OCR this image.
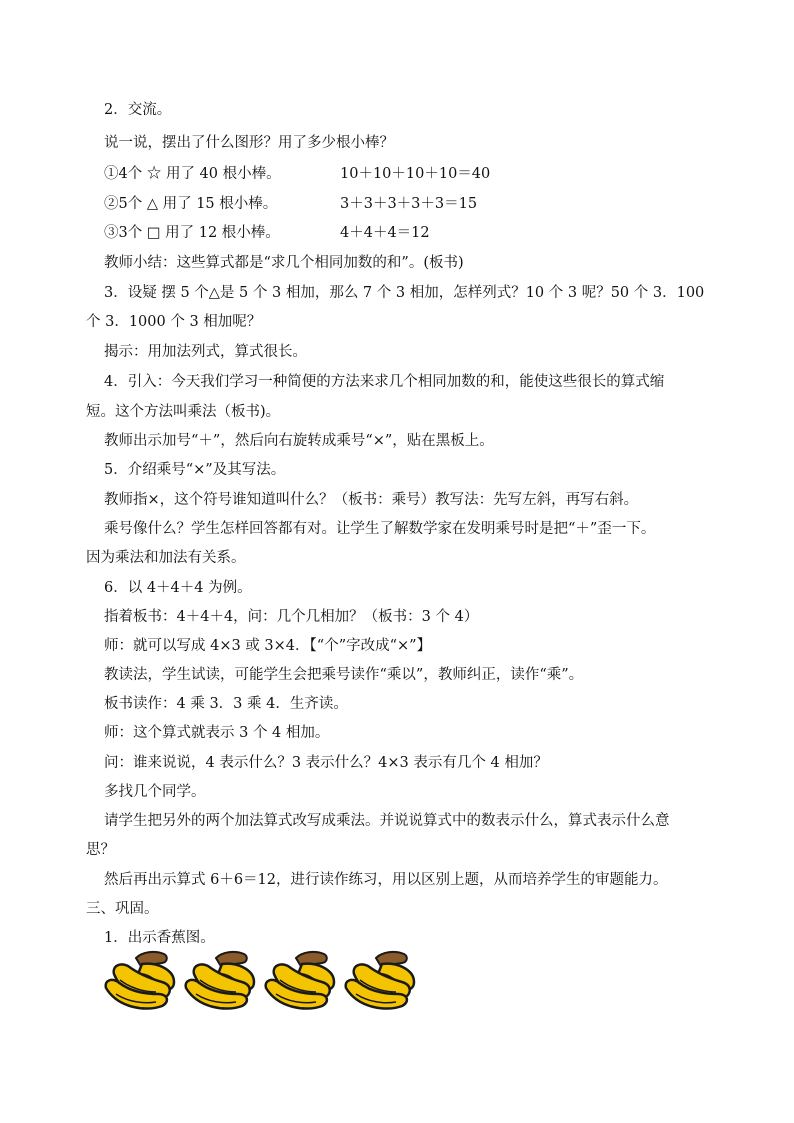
2．交流。
说一说，摆出了什么图形？用了多少根小棒？
①4个 ☆ 用了 40 根小棒。	10＋10＋10＋10＝40
②5个 △ 用了 15 根小棒。	3＋3＋3＋3＋3＝15
③3个 □ 用了 12 根小棒。	4＋4＋4＝12
教师小结：这些算式都是“求几个相同加数的和”。(板书)
3．设疑 摆 5 个△是 5 个 3 相加，那么 7 个 3 相加，怎样列式？10 个 3 呢？50 个 3．100
个 3．1000 个 3 相加呢？
揭示：用加法列式，算式很长。
4．引入：今天我们学习一种简便的方法来求几个相同加数的和，能使这些很长的算式缩
短。这个方法叫乘法（板书)。
教师出示加号“＋”，然后向右旋转成乘号“×”，贴在黑板上。
5．介绍乘号“×”及其写法。
教师指×，这个符号谁知道叫什么？（板书：乘号）教写法：先写左斜，再写右斜。
乘号像什么？学生怎样回答都有对。让学生了解数学家在发明乘号时是把“＋”歪一下。
因为乘法和加法有关系。
6．以 4＋4＋4 为例。
指着板书：4＋4＋4，问：几个几相加？（板书：3 个 4）
师：就可以写成 4×3 或 3×4．【“个”字改成“×”】
教读法，学生试读，可能学生会把乘号读作“乘以”，教师纠正，读作“乘”。
板书读作：4 乘 3．3 乘 4．生齐读。
师：这个算式就表示 3 个 4 相加。
问：谁来说说，4 表示什么？3 表示什么？4×3 表示有几个 4 相加？
多找几个同学。
请学生把另外的两个加法算式改写成乘法。并说说算式中的数表示什么，算式表示什么意
思？
然后再出示算式 6＋6＝12，进行读作练习，用以区别上题，从而培养学生的审题能力。
三、巩固。
1．出示香蕉图。
